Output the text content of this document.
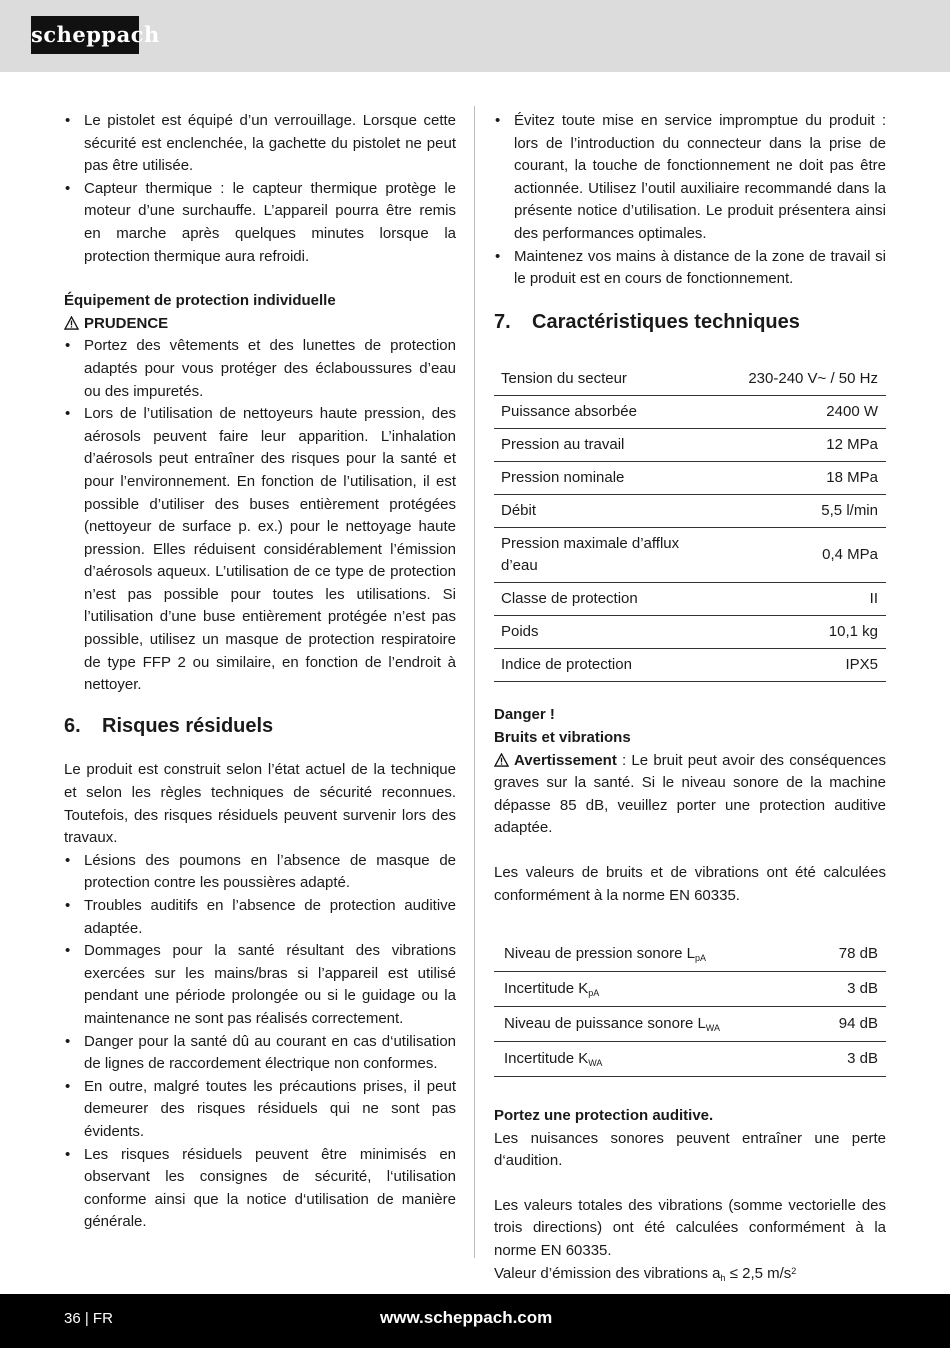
scheppach
• Le pistolet est équipé d’un verrouillage. Lorsque cette sécurité est enclenchée, la gachette du pistolet ne peut pas être utilisée.
• Capteur thermique : le capteur thermique protège le moteur d’une surchauffe. L’appareil pourra être remis en marche après quelques minutes lorsque la protection thermique aura refroidi.
Équipement de protection individuelle
PRUDENCE
• Portez des vêtements et des lunettes de protection adaptés pour vous protéger des éclaboussures d’eau ou des impuretés.
• Lors de l’utilisation de nettoyeurs haute pression, des aérosols peuvent faire leur apparition. L’inhalation d’aérosols peut entraîner des risques pour la santé et pour l’environnement. En fonction de l’utilisation, il est possible d’utiliser des buses entièrement protégées (nettoyeur de surface p. ex.) pour le nettoyage haute pression. Elles réduisent considérablement l’émission d’aérosols aqueux. L’utilisation de ce type de protection n’est pas possible pour toutes les utilisations. Si l’utilisation d’une buse entièrement protégée n’est pas possible, utilisez un masque de protection respiratoire de type FFP 2 ou similaire, en fonction de l’endroit à nettoyer.
6. Risques résiduels

Le produit est construit selon l’état actuel de la technique et selon les règles techniques de sécurité reconnues. Toutefois, des risques résiduels peuvent survenir lors des travaux.

• Lésions des poumons en l’absence de masque de protection contre les poussières adapté.
• Troubles auditifs en l’absence de protection auditive adaptée.
• Dommages pour la santé résultant des vibrations exercées sur les mains/bras si l’appareil est utilisé pendant une période prolongée ou si le guidage ou la maintenance ne sont pas réalisés correctement.
• Danger pour la santé dû au courant en cas d‘utilisation de lignes de raccordement électrique non conformes.
• En outre, malgré toutes les précautions prises, il peut demeurer des risques résiduels qui ne sont pas évidents.
• Les risques résiduels peuvent être minimisés en observant les consignes de sécurité, l‘utilisation conforme ainsi que la notice d‘utilisation de manière générale.
• Évitez toute mise en service impromptue du produit : lors de l’introduction du connecteur dans la prise de courant, la touche de fonctionnement ne doit pas être actionnée. Utilisez l’outil auxiliaire recommandé dans la présente notice d’utilisation. Le produit présentera ainsi des performances optimales.
• Maintenez vos mains à distance de la zone de travail si le produit est en cours de fonctionnement.
7. Caractéristiques techniques
Tension du secteur	230-240 V~ / 50 Hz
Puissance absorbée	2400 W
Pression au travail	12 MPa
Pression nominale	18 MPa
Débit	5,5 l/min
Pression maximale d’afflux d’eau	0,4 MPa
Classe de protection	II
Poids	10,1 kg
Indice de protection	IPX5
Danger !
Bruits et vibrations

Avertissement : Le bruit peut avoir des conséquences graves sur la santé. Si le niveau sonore de la machine dépasse 85 dB, veuillez porter une protection auditive adaptée.

Les valeurs de bruits et de vibrations ont été calculées conformément à la norme EN 60335.

Niveau de pression sonore $L_{pA}$	78 dB
Incertitude $K_{pA}$	3 dB
Niveau de puissance sonore $L_{WA}$	94 dB
Incertitude $K_{WA}$	3 dB
Portez une protection auditive.

Les nuisances sonores peuvent entraîner une perte d‘audition.

Les valeurs totales des vibrations (somme vectorielle des trois directions) ont été calculées conformément à la norme EN 60335.

Valeur d’émission des vibrations $a_h \le 2,5$ $m/s^2$

36 | FR	www.scheppach.com
